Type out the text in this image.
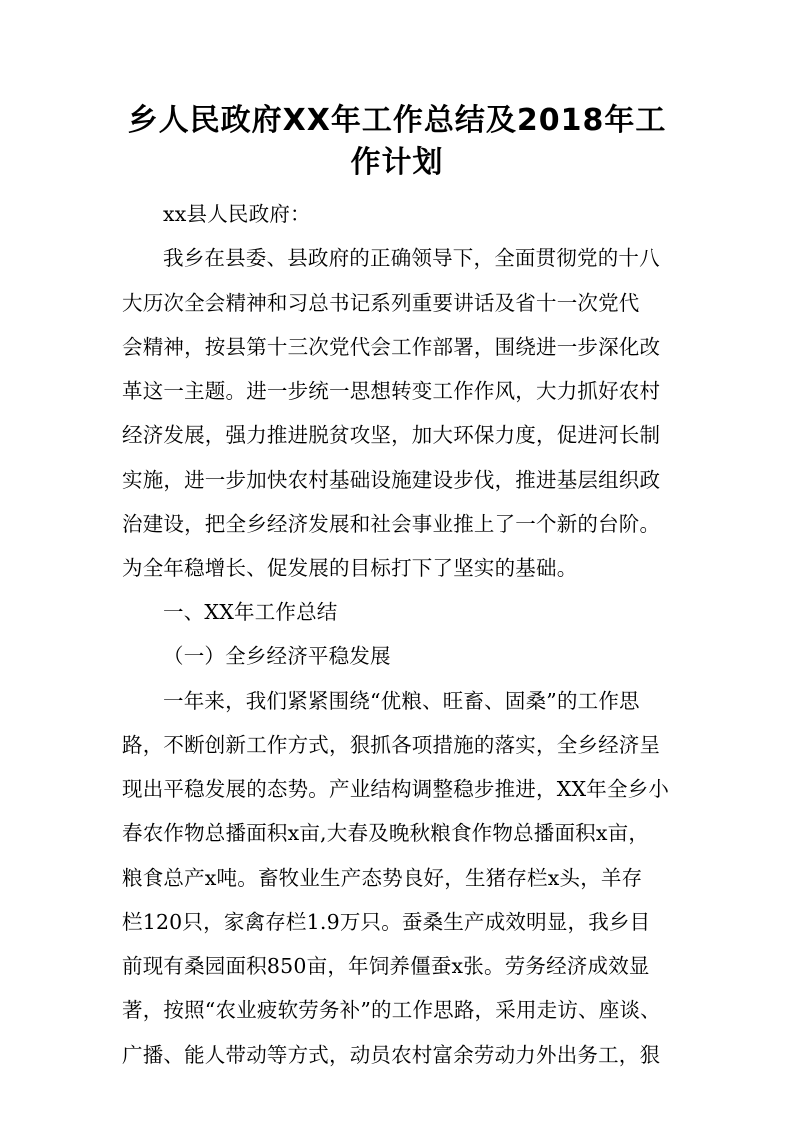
乡人民政府XX年工作总结及2018年工
作计划
xx县人民政府：
我乡在县委、县政府的正确领导下，全面贯彻党的十八
大历次全会精神和习总书记系列重要讲话及省十一次党代
会精神，按县第十三次党代会工作部署，围绕进一步深化改
革这一主题。进一步统一思想转变工作作风，大力抓好农村
经济发展，强力推进脱贫攻坚，加大环保力度，促进河长制
实施，进一步加快农村基础设施建设步伐，推进基层组织政
治建设，把全乡经济发展和社会事业推上了一个新的台阶。
为全年稳增长、促发展的目标打下了坚实的基础。
一、XX年工作总结
（一）全乡经济平稳发展
一年来，我们紧紧围绕“优粮、旺畜、固桑”的工作思
路，不断创新工作方式，狠抓各项措施的落实，全乡经济呈
现出平稳发展的态势。产业结构调整稳步推进，XX年全乡小
春农作物总播面积x亩,大春及晚秋粮食作物总播面积x亩，
粮食总产x吨。畜牧业生产态势良好，生猪存栏x头，羊存
栏120只，家禽存栏1.9万只。蚕桑生产成效明显，我乡目
前现有桑园面积850亩，年饲养僵蚕x张。劳务经济成效显
著，按照“农业疲软劳务补”的工作思路，采用走访、座谈、
广播、能人带动等方式，动员农村富余劳动力外出务工，狠
